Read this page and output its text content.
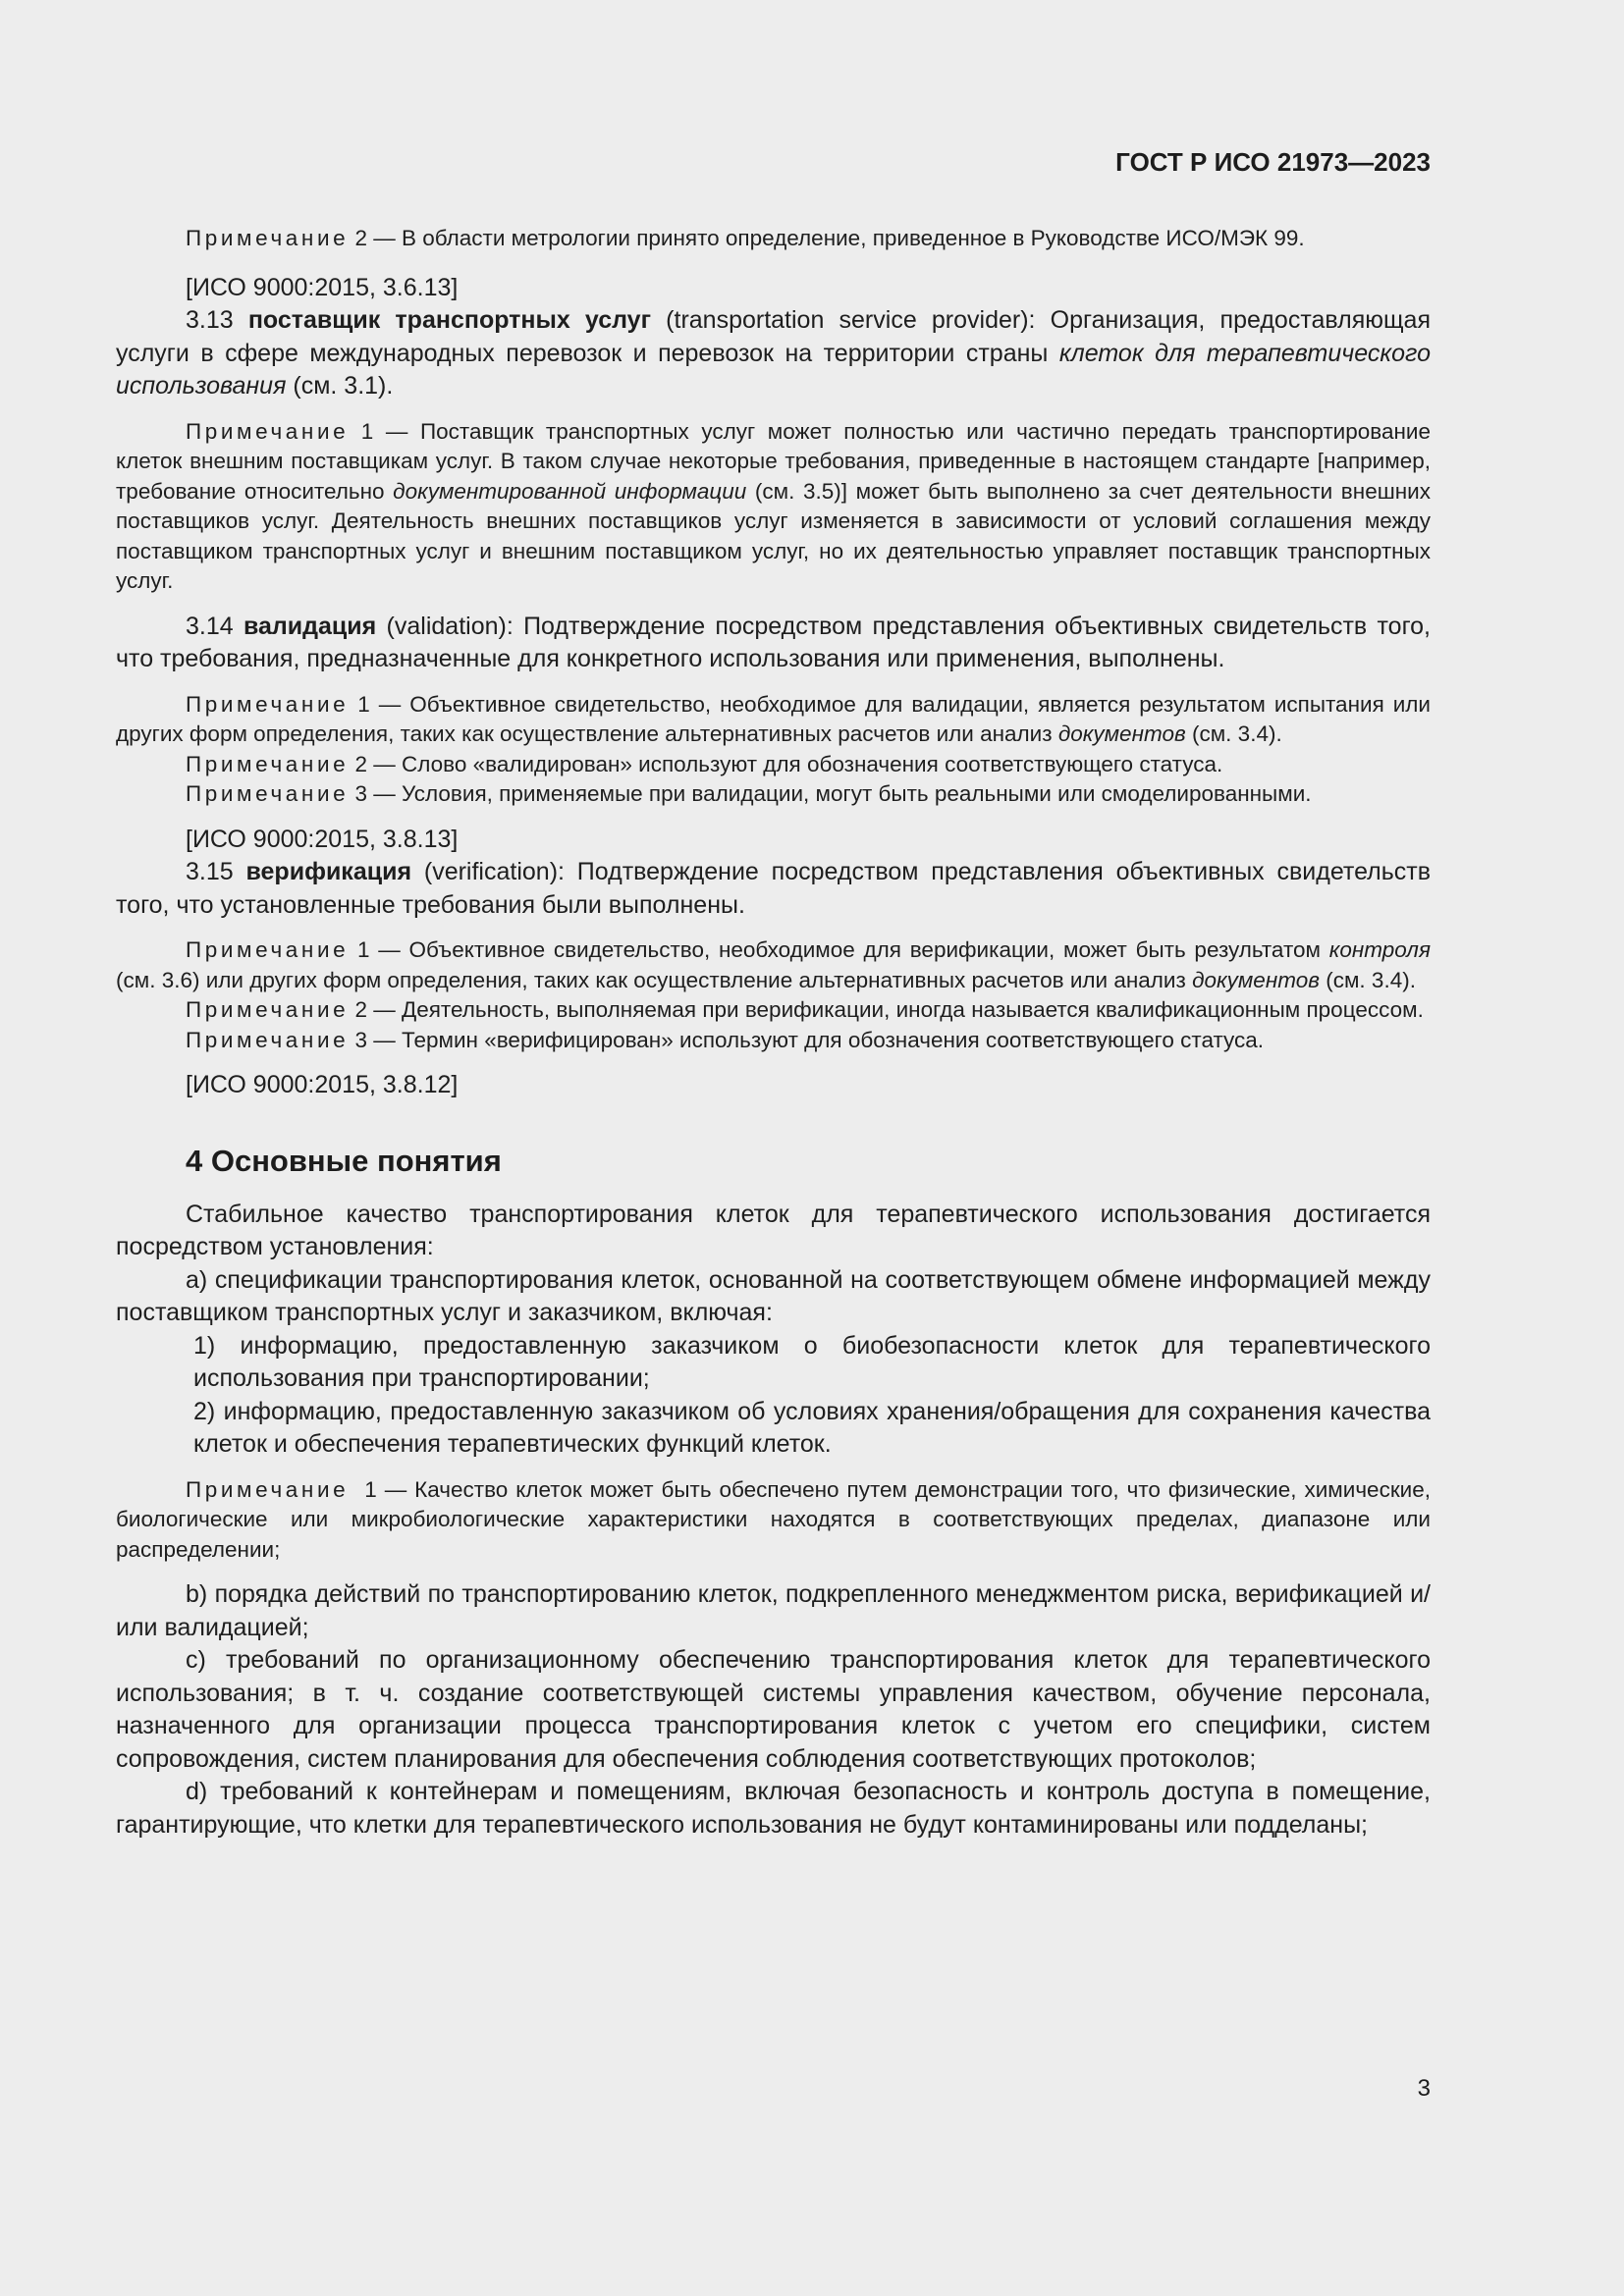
ГОСТ Р ИСО 21973—2023

Примечание 2 — В области метрологии принято определение, приведенное в Руководстве ИСО/МЭК 99.

[ИСО 9000:2015, 3.6.13]

3.13 поставщик транспортных услуг (transportation service provider): Организация, предоставляющая услуги в сфере международных перевозок и перевозок на территории страны клеток для терапевтического использования (см. 3.1).

Примечание 1 — Поставщик транспортных услуг может полностью или частично передать транспортирование клеток внешним поставщикам услуг. В таком случае некоторые требования, приведенные в настоящем стандарте [например, требование относительно документированной информации (см. 3.5)] может быть выполнено за счет деятельности внешних поставщиков услуг. Деятельность внешних поставщиков услуг изменяется в зависимости от условий соглашения между поставщиком транспортных услуг и внешним поставщиком услуг, но их деятельностью управляет поставщик транспортных услуг.

3.14 валидация (validation): Подтверждение посредством представления объективных свидетельств того, что требования, предназначенные для конкретного использования или применения, выполнены.

Примечание 1 — Объективное свидетельство, необходимое для валидации, является результатом испытания или других форм определения, таких как осуществление альтернативных расчетов или анализ документов (см. 3.4).

Примечание 2 — Слово «валидирован» используют для обозначения соответствующего статуса.

Примечание 3 — Условия, применяемые при валидации, могут быть реальными или смоделированными.

[ИСО 9000:2015, 3.8.13]

3.15 верификация (verification): Подтверждение посредством представления объективных свидетельств того, что установленные требования были выполнены.

Примечание 1 — Объективное свидетельство, необходимое для верификации, может быть результатом контроля (см. 3.6) или других форм определения, таких как осуществление альтернативных расчетов или анализ документов (см. 3.4).

Примечание 2 — Деятельность, выполняемая при верификации, иногда называется квалификационным процессом.

Примечание 3 — Термин «верифицирован» используют для обозначения соответствующего статуса.

[ИСО 9000:2015, 3.8.12]

4 Основные понятия

Стабильное качество транспортирования клеток для терапевтического использования достигается посредством установления:

a) спецификации транспортирования клеток, основанной на соответствующем обмене информацией между поставщиком транспортных услуг и заказчиком, включая:

1) информацию, предоставленную заказчиком о биобезопасности клеток для терапевтического использования при транспортировании;

2) информацию, предоставленную заказчиком об условиях хранения/обращения для сохранения качества клеток и обеспечения терапевтических функций клеток.

Примечание 1 — Качество клеток может быть обеспечено путем демонстрации того, что физические, химические, биологические или микробиологические характеристики находятся в соответствующих пределах, диапазоне или распределении;

b) порядка действий по транспортированию клеток, подкрепленного менеджментом риска, верификацией и/или валидацией;

c) требований по организационному обеспечению транспортирования клеток для терапевтического использования; в т. ч. создание соответствующей системы управления качеством, обучение персонала, назначенного для организации процесса транспортирования клеток с учетом его специфики, систем сопровождения, систем планирования для обеспечения соблюдения соответствующих протоколов;

d) требований к контейнерам и помещениям, включая безопасность и контроль доступа в помещение, гарантирующие, что клетки для терапевтического использования не будут контаминированы или подделаны;

3
